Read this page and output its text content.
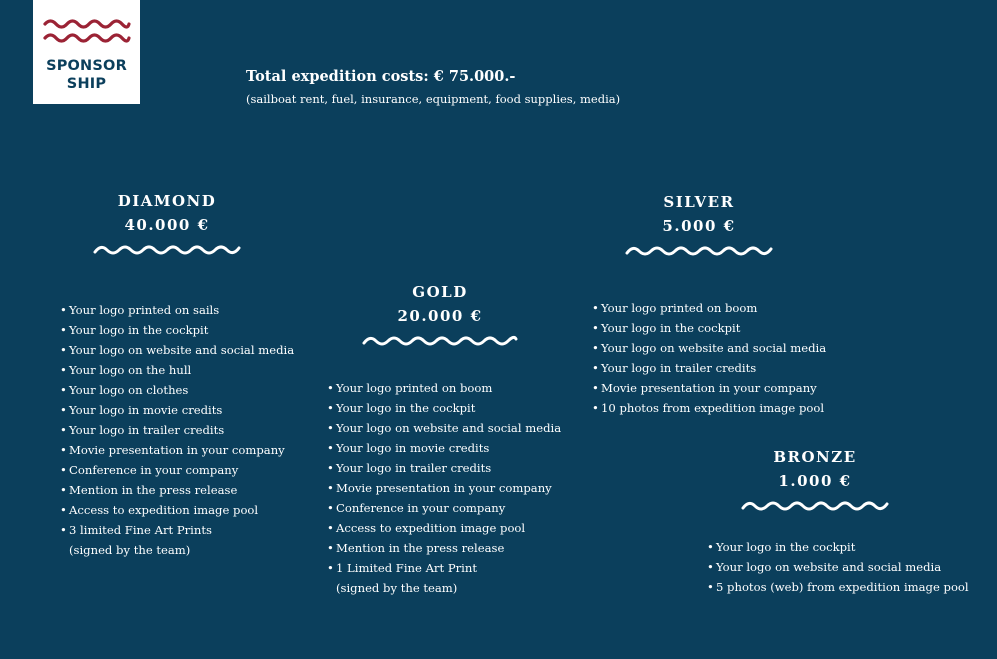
SPONSOR
SHIP	Total expedition costs: € 75.000.-
(sailboat rent, fuel, insurance, equipment, food supplies, media)
DIAMOND
40.000 €
• Your logo printed on sails
• Your logo in the cockpit
• Your logo on website and social media
• Your logo on the hull
• Your logo on clothes
• Your logo in movie credits
• Your logo in trailer credits
• Movie presentation in your company
• Conference in your company
• Mention in the press release
• Access to expedition image pool
• 3 limited Fine Art Prints
(signed by the team)
GOLD
20.000 €
• Your logo printed on boom
• Your logo in the cockpit
• Your logo on website and social media
• Your logo in movie credits
• Your logo in trailer credits
• Movie presentation in your company
• Conference in your company
• Access to expedition image pool
• Mention in the press release
• 1 Limited Fine Art Print
(signed by the team)
SILVER
5.000 €
• Your logo printed on boom
• Your logo in the cockpit
• Your logo on website and social media
• Your logo in trailer credits
• Movie presentation in your company
• 10 photos from expedition image pool
BRONZE
1.000 €
• Your logo in the cockpit
• Your logo on website and social media
• 5 photos (web) from expedition image pool
